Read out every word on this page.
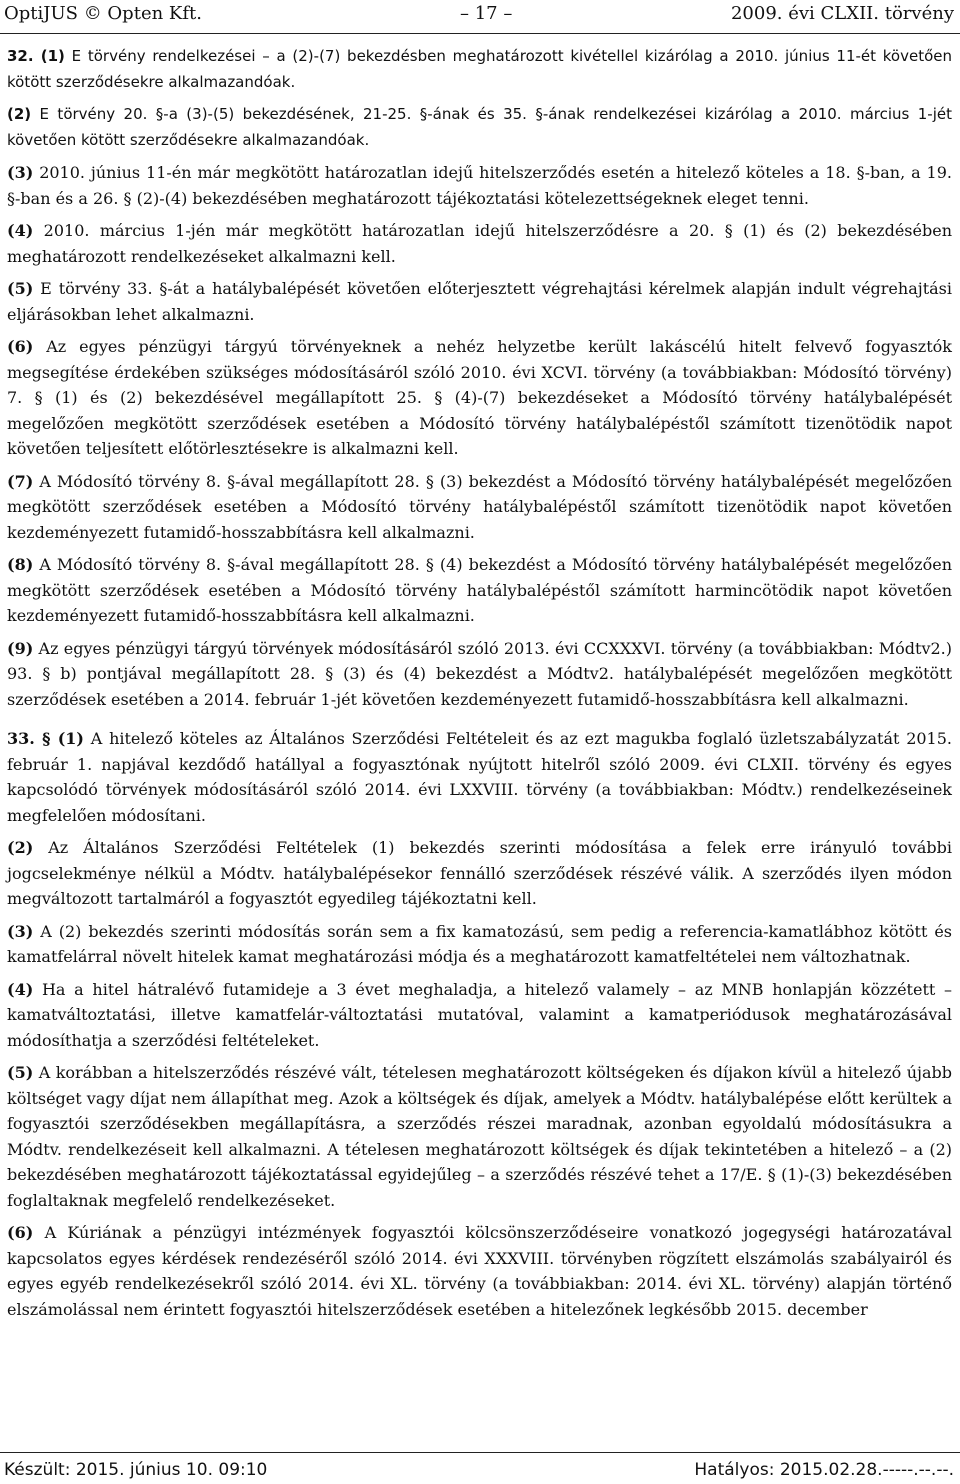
OptiJUS © Opten Kft.	– 17 –	2009. évi CLXII. törvény

32. (1) E törvény rendelkezései – a (2)-(7) bekezdésben meghatározott kivétellel kizárólag a 2010. június 11-ét követően kötött szerződésekre alkalmazandóak.

(2) E törvény 20. §-a (3)-(5) bekezdésének, 21-25. §-ának és 35. §-ának rendelkezései kizárólag a 2010. március 1-jét követően kötött szerződésekre alkalmazandóak.

(3) 2010. június 11-én már megkötött határozatlan idejű hitelszerződés esetén a hitelező köteles a 18. §-ban, a 19. §-ban és a 26. § (2)-(4) bekezdésében meghatározott tájékoztatási kötelezettségeknek eleget tenni.

(4) 2010. március 1-jén már megkötött határozatlan idejű hitelszerződésre a 20. § (1) és (2) bekezdésében meghatározott rendelkezéseket alkalmazni kell.

(5) E törvény 33. §-át a hatálybalépését követően előterjesztett végrehajtási kérelmek alapján indult végrehajtási eljárásokban lehet alkalmazni.

(6) Az egyes pénzügyi tárgyú törvényeknek a nehéz helyzetbe került lakáscélú hitelt felvevő fogyasztók megsegítése érdekében szükséges módosításáról szóló 2010. évi XCVI. törvény (a továbbiakban: Módosító törvény) 7. § (1) és (2) bekezdésével megállapított 25. § (4)-(7) bekezdéseket a Módosító törvény hatálybalépését megelőzően megkötött szerződések esetében a Módosító törvény hatálybalépéstől számított tizenötödik napot követően teljesített előtörlesztésekre is alkalmazni kell.

(7) A Módosító törvény 8. §-ával megállapított 28. § (3) bekezdést a Módosító törvény hatálybalépését megelőzően megkötött szerződések esetében a Módosító törvény hatálybalépéstől számított tizenötödik napot követően kezdeményezett futamidő-hosszabbításra kell alkalmazni.

(8) A Módosító törvény 8. §-ával megállapított 28. § (4) bekezdést a Módosító törvény hatálybalépését megelőzően megkötött szerződések esetében a Módosító törvény hatálybalépéstől számított harmincötödik napot követően kezdeményezett futamidő-hosszabbításra kell alkalmazni.

(9) Az egyes pénzügyi tárgyú törvények módosításáról szóló 2013. évi CCXXXVI. törvény (a továbbiakban: Módtv2.) 93. § b) pontjával megállapított 28. § (3) és (4) bekezdést a Módtv2. hatálybalépését megelőzően megkötött szerződések esetében a 2014. február 1-jét követően kezdeményezett futamidő-hosszabbításra kell alkalmazni.

33. § (1) A hitelező köteles az Általános Szerződési Feltételeit és az ezt magukba foglaló üzletszabályzatát 2015. február 1. napjával kezdődő hatállyal a fogyasztónak nyújtott hitelről szóló 2009. évi CLXII. törvény és egyes kapcsolódó törvények módosításáról szóló 2014. évi LXXVIII. törvény (a továbbiakban: Módtv.) rendelkezéseinek megfelelően módosítani.

(2) Az Általános Szerződési Feltételek (1) bekezdés szerinti módosítása a felek erre irányuló további jogcselekménye nélkül a Módtv. hatálybalépésekor fennálló szerződések részévé válik. A szerződés ilyen módon megváltozott tartalmáról a fogyasztót egyedileg tájékoztatni kell.

(3) A (2) bekezdés szerinti módosítás során sem a fix kamatozású, sem pedig a referencia-kamatlábhoz kötött és kamatfelárral növelt hitelek kamat meghatározási módja és a meghatározott kamatfeltételei nem változhatnak.

(4) Ha a hitel hátralévő futamideje a 3 évet meghaladja, a hitelező valamely – az MNB honlapján közzétett – kamatváltoztatási, illetve kamatfelár-változtatási mutatóval, valamint a kamatperiódusok meghatározásával módosíthatja a szerződési feltételeket.

(5) A korábban a hitelszerződés részévé vált, tételesen meghatározott költségeken és díjakon kívül a hitelező újabb költséget vagy díjat nem állapíthat meg. Azok a költségek és díjak, amelyek a Módtv. hatálybalépése előtt kerültek a fogyasztói szerződésekben megállapításra, a szerződés részei maradnak, azonban egyoldalú módosításukra a Módtv. rendelkezéseit kell alkalmazni. A tételesen meghatározott költségek és díjak tekintetében a hitelező – a (2) bekezdésében meghatározott tájékoztatással egyidejűleg – a szerződés részévé tehet a 17/E. § (1)-(3) bekezdésében foglaltaknak megfelelő rendelkezéseket.

(6) A Kúriának a pénzügyi intézmények fogyasztói kölcsönszerződéseire vonatkozó jogegységi határozatával kapcsolatos egyes kérdések rendezéséről szóló 2014. évi XXXVIII. törvényben rögzített elszámolás szabályairól és egyes egyéb rendelkezésekről szóló 2014. évi XL. törvény (a továbbiakban: 2014. évi XL. törvény) alapján történő elszámolással nem érintett fogyasztói hitelszerződések esetében a hitelezőnek legkésőbb 2015. december

Készült: 2015. június 10. 09:10	Hatályos: 2015.02.28.-----.--.--.
